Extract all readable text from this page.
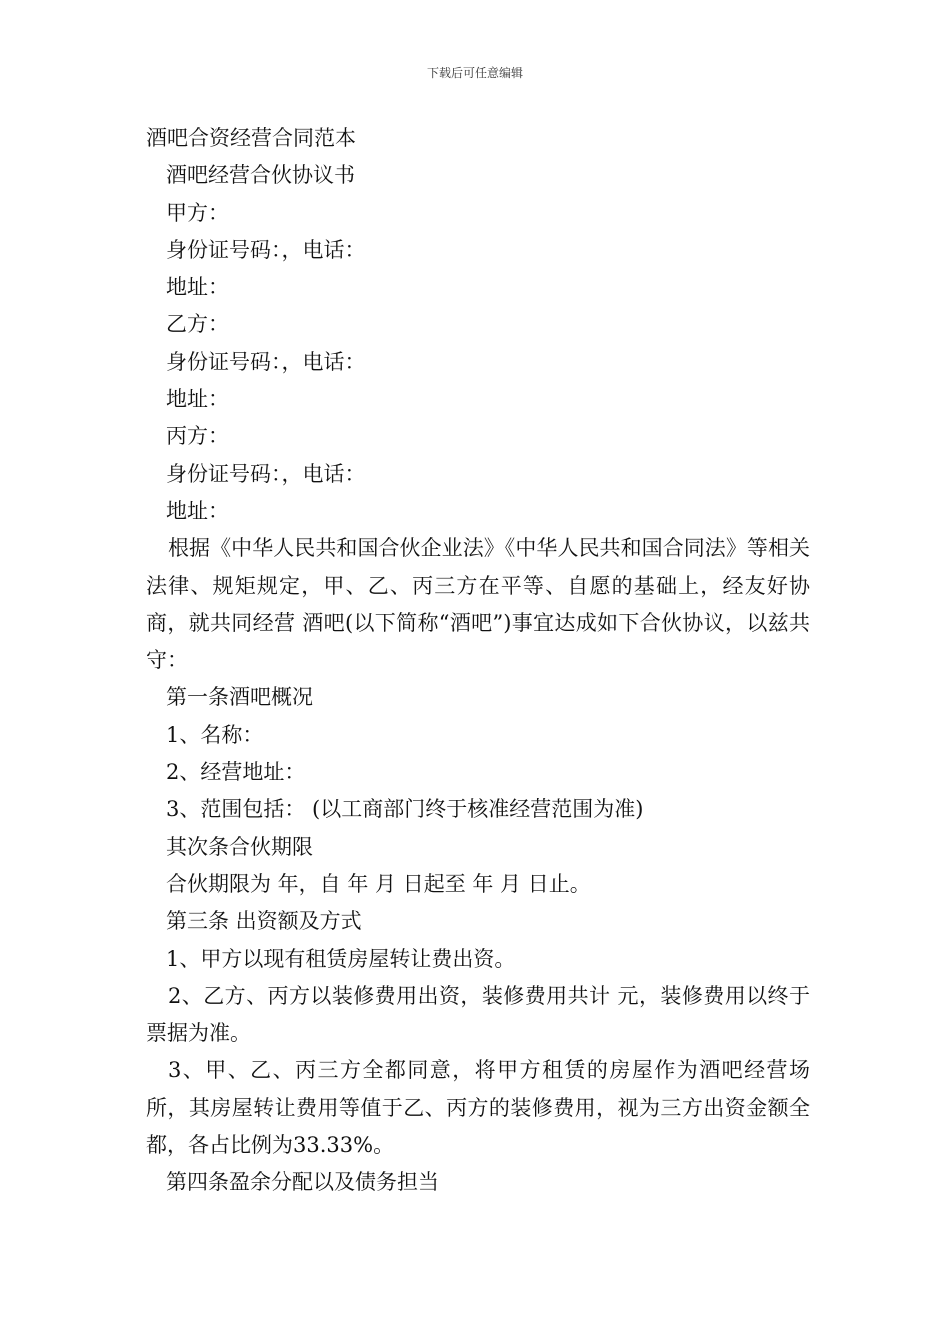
下载后可任意编辑
酒吧合资经营合同范本
酒吧经营合伙协议书
甲方：
身份证号码：，电话：
地址：
乙方：
身份证号码：，电话：
地址：
丙方：
身份证号码：，电话：
地址：
根据《中华人民共和国合伙企业法》《中华人民共和国合同法》等相关法律、规矩规定，甲、乙、丙三方在平等、自愿的基础上，经友好协商，就共同经营 酒吧(以下简称“酒吧”)事宜达成如下合伙协议，以兹共守：
第一条酒吧概况
1、名称：
2、经营地址：
3、范围包括： (以工商部门终于核准经营范围为准)
其次条合伙期限
合伙期限为 年，自 年 月 日起至 年 月 日止。
第三条 出资额及方式
1、甲方以现有租赁房屋转让费出资。
2、乙方、丙方以装修费用出资，装修费用共计 元，装修费用以终于票据为准。
3、甲、乙、丙三方全都同意，将甲方租赁的房屋作为酒吧经营场所，其房屋转让费用等值于乙、丙方的装修费用，视为三方出资金额全都，各占比例为33.33%。
第四条盈余分配以及债务担当
